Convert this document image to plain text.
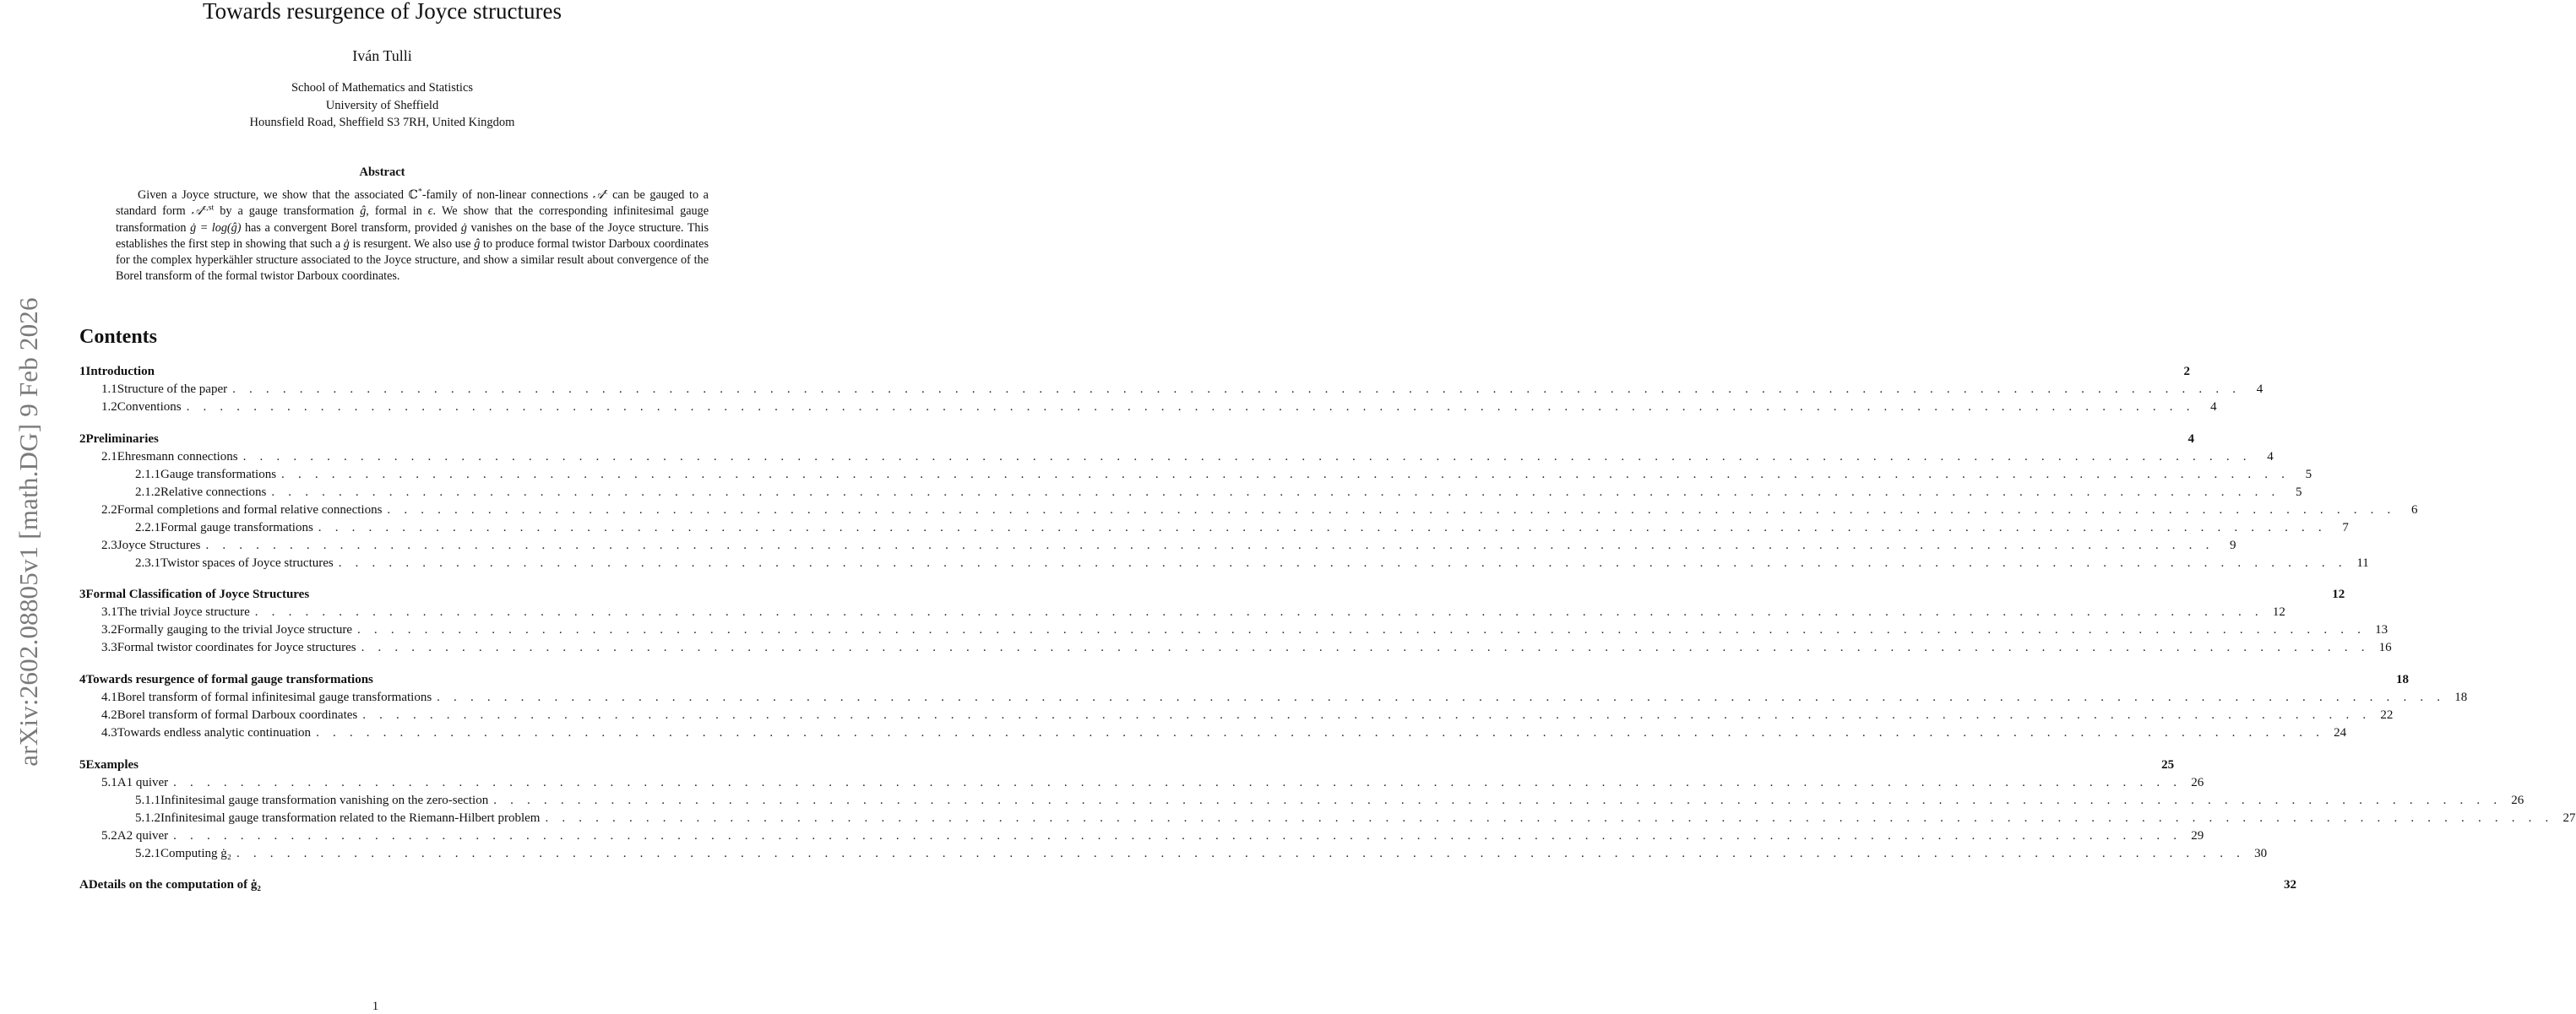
arXiv:2602.08805v1 [math.DG] 9 Feb 2026
Towards resurgence of Joyce structures
Iván Tulli
School of Mathematics and Statistics
University of Sheffield
Hounsfield Road, Sheffield S3 7RH, United Kingdom
Abstract
Given a Joyce structure, we show that the associated ℂ*-family of non-linear connections 𝒜$^\epsilon$ can be gauged to a standard form 𝒜$^{\epsilon,st}$ by a gauge transformation ĝ, formal in ϵ. We show that the corresponding infinitesimal gauge transformation ġ = log(ĝ) has a convergent Borel transform, provided ġ vanishes on the base of the Joyce structure. This establishes the first step in showing that such a ġ is resurgent. We also use ĝ to produce formal twistor Darboux coordinates for the complex hyperkähler structure associated to the Joyce structure, and show a similar result about convergence of the Borel transform of the formal twistor Darboux coordinates.
Contents
1 Introduction	2
1.1 Structure of the paper . . . . . . . . . . . . . . . . . . . . . . . . . . . . . . . . . . . . . . . . . . . . . . . . . . . . . . . . . . . . . . . . . . . . . . . . . . . . . . . . . . . . . . . . . . . . . . . . . . . . . . . . . . . . . . . . . . . . . . . .	4
1.2 Conventions . . . . . . . . . . . . . . . . . . . . . . . . . . . . . . . . . . . . . . . . . . . . . . . . . . . . . . . . . . . . . . . . . . . . . . . . . . . . . . . . . . . . . . . . . . . . . . . . . . . . . . . . . . . . . . . . . . . . . . . .	4
2 Preliminaries	4
2.1 Ehresmann connections . . . . . . . . . . . . . . . . . . . . . . . . . . . . . . . . . . . . . . . . . . . . . . . . . . . . . . . . . . . . . . . . . . . . . . . . . . . . . . . . . . . . . . . . . . . . . . . . . . . . . . . . . . . . . . . . . . . . . . . .	4
2.1.1 Gauge transformations . . . . . . . . . . . . . . . . . . . . . . . . . . . . . . . . . . . . . . . . . . . . . . . . . . . . . . . . . . . . . . . . . . . . . . . . . . . . . . . . . . . . . . . . . . . . . . . . . . . . . . . . . . . . . . . . . . . . . . . .	5
2.1.2 Relative connections . . . . . . . . . . . . . . . . . . . . . . . . . . . . . . . . . . . . . . . . . . . . . . . . . . . . . . . . . . . . . . . . . . . . . . . . . . . . . . . . . . . . . . . . . . . . . . . . . . . . . . . . . . . . . . . . . . . . . . . .	5
2.2 Formal completions and formal relative connections . . . . . . . . . . . . . . . . . . . . . . . . . . . . . . . . . . . . . . . . . . . . . . . . . . . . . . . . . . . . . . . . . . . . . . . . . . . . . . . . . . . . . . . . . . . . . . . . . . . . . . . . . . . . . . . . . . . . . . . .	6
2.2.1 Formal gauge transformations . . . . . . . . . . . . . . . . . . . . . . . . . . . . . . . . . . . . . . . . . . . . . . . . . . . . . . . . . . . . . . . . . . . . . . . . . . . . . . . . . . . . . . . . . . . . . . . . . . . . . . . . . . . . . . . . . . . . . . . .	7
2.3 Joyce Structures . . . . . . . . . . . . . . . . . . . . . . . . . . . . . . . . . . . . . . . . . . . . . . . . . . . . . . . . . . . . . . . . . . . . . . . . . . . . . . . . . . . . . . . . . . . . . . . . . . . . . . . . . . . . . . . . . . . . . . . .	9
2.3.1 Twistor spaces of Joyce structures . . . . . . . . . . . . . . . . . . . . . . . . . . . . . . . . . . . . . . . . . . . . . . . . . . . . . . . . . . . . . . . . . . . . . . . . . . . . . . . . . . . . . . . . . . . . . . . . . . . . . . . . . . . . . . . . . . . . . . . . 11
3 Formal Classification of Joyce Structures	12
3.1 The trivial Joyce structure . . . . . . . . . . . . . . . . . . . . . . . . . . . . . . . . . . . . . . . . . . . . . . . . . . . . . . . . . . . . . . . . . . . . . . . . . . . . . . . . . . . . . . . . . . . . . . . . . . . . . . . . . . . . . . . . . . . . . . . . 12
3.2 Formally gauging to the trivial Joyce structure . . . . . . . . . . . . . . . . . . . . . . . . . . . . . . . . . . . . . . . . . . . . . . . . . . . . . . . . . . . . . . . . . . . . . . . . . . . . . . . . . . . . . . . . . . . . . . . . . . . . . . . . . . . . . . . . . . . . . . . . 13
3.3 Formal twistor coordinates for Joyce structures . . . . . . . . . . . . . . . . . . . . . . . . . . . . . . . . . . . . . . . . . . . . . . . . . . . . . . . . . . . . . . . . . . . . . . . . . . . . . . . . . . . . . . . . . . . . . . . . . . . . . . . . . . . . . . . . . . . . . . . . 16
4 Towards resurgence of formal gauge transformations	18
4.1 Borel transform of formal infinitesimal gauge transformations . . . . . . . . . . . . . . . . . . . . . . . . . . . . . . . . . . . . . . . . . . . . . . . . . . . . . . . . . . . . . . . . . . . . . . . . . . . . . . . . . . . . . . . . . . . . . . . . . . . . . . . . . . . . . . . . . . . . . . . . 18
4.2 Borel transform of formal Darboux coordinates . . . . . . . . . . . . . . . . . . . . . . . . . . . . . . . . . . . . . . . . . . . . . . . . . . . . . . . . . . . . . . . . . . . . . . . . . . . . . . . . . . . . . . . . . . . . . . . . . . . . . . . . . . . . . . . . . . . . . . . . 22
4.3 Towards endless analytic continuation . . . . . . . . . . . . . . . . . . . . . . . . . . . . . . . . . . . . . . . . . . . . . . . . . . . . . . . . . . . . . . . . . . . . . . . . . . . . . . . . . . . . . . . . . . . . . . . . . . . . . . . . . . . . . . . . . . . . . . . . 24
5 Examples	25
5.1 A1 quiver . . . . . . . . . . . . . . . . . . . . . . . . . . . . . . . . . . . . . . . . . . . . . . . . . . . . . . . . . . . . . . . . . . . . . . . . . . . . . . . . . . . . . . . . . . . . . . . . . . . . . . . . . . . . . . . . . . . . . . . . 26
5.1.1 Infinitesimal gauge transformation vanishing on the zero-section . . . . . . . . . . . . . . . . . . . . . . . . . . . . . . . . . . . . . . . . . . . . . . . . . . . . . . . . . . . . . . . . . . . . . . . . . . . . . . . . . . . . . . . . . . . . . . . . . . . . . . . . . . . . . . . . . . . . . . . . 26
5.1.2 Infinitesimal gauge transformation related to the Riemann-Hilbert problem . . . . . . . . . . . . . . . . . . . . . . . . . . . . . . . . . . . . . . . . . . . . . . . . . . . . . . . . . . . . . . . . . . . . . . . . . . . . . . . . . . . . . . . . . . . . . . . . . . . . . . . . . . . . . . . . . . . . . . . . 27
5.2 A2 quiver . . . . . . . . . . . . . . . . . . . . . . . . . . . . . . . . . . . . . . . . . . . . . . . . . . . . . . . . . . . . . . . . . . . . . . . . . . . . . . . . . . . . . . . . . . . . . . . . . . . . . . . . . . . . . . . . . . . . . . . . 29
5.2.1 Computing ġ₂ . . . . . . . . . . . . . . . . . . . . . . . . . . . . . . . . . . . . . . . . . . . . . . . . . . . . . . . . . . . . . . . . . . . . . . . . . . . . . . . . . . . . . . . . . . . . . . . . . . . . . . . . . . . . . . . . . . . . . . . . 30
A Details on the computation of ġ₂	32
1
